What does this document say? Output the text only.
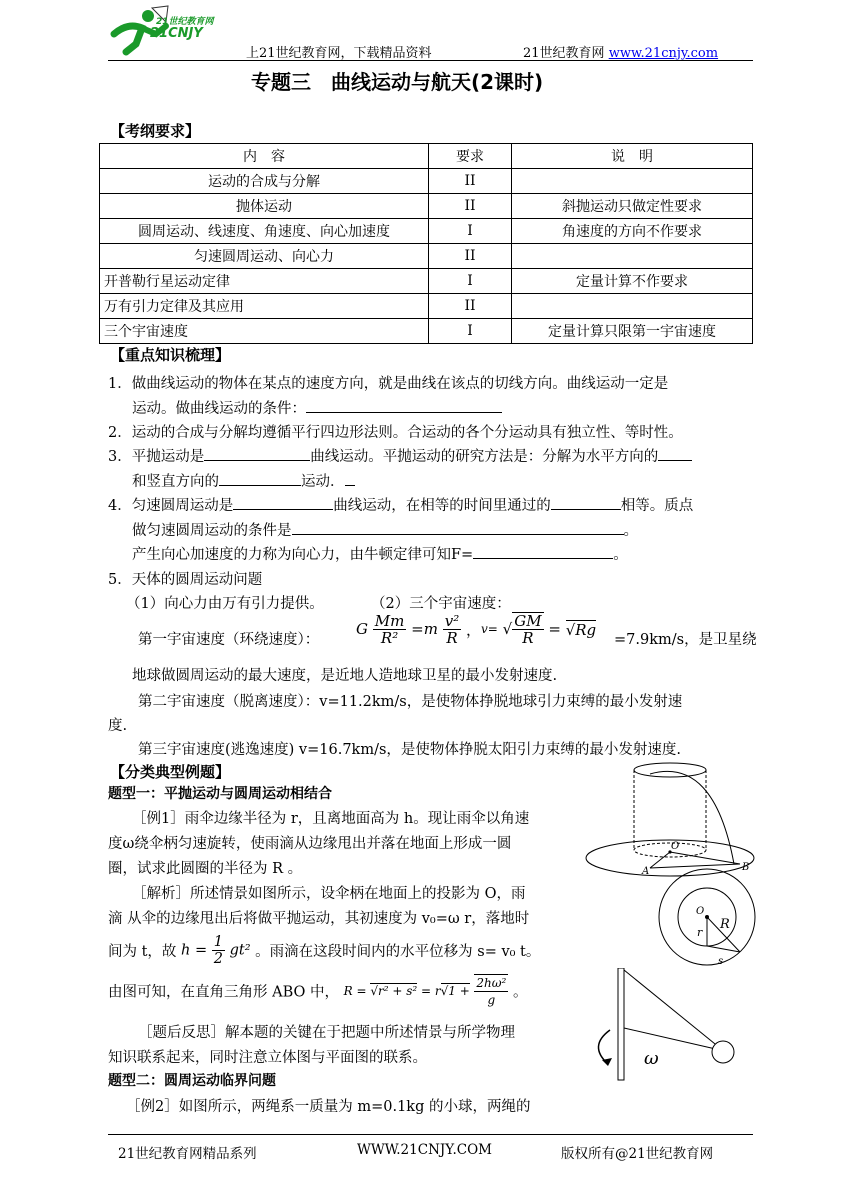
21世纪教育网
21CNJY
上21世纪教育网，下载精品资料	21世纪教育网 www.21cnjy.com
专题三　曲线运动与航天(2课时)
【考纲要求】
内　容	要求	说　明
运动的合成与分解	II	
抛体运动	II	斜抛运动只做定性要求
圆周运动、线速度、角速度、向心加速度	I	角速度的方向不作要求
匀速圆周运动、向心力	II	
开普勒行星运动定律	I	定量计算不作要求
万有引力定律及其应用	II	
三个宇宙速度	I	定量计算只限第一宇宙速度
【重点知识梳理】
1．做曲线运动的物体在某点的速度方向，就是曲线在该点的切线方向。曲线运动一定是
运动。做曲线运动的条件：
2．运动的合成与分解均遵循平行四边形法则。合运动的各个分运动具有独立性、等时性。
3．平抛运动是	曲线运动。平抛运动的研究方法是：分解为水平方向的
和竖直方向的	运动．
4．匀速圆周运动是	曲线运动，在相等的时间里通过的	相等。质点
做匀速圆周运动的条件是	。
产生向心加速度的力称为向心力，由牛顿定律可知F=	。
5．天体的圆周运动问题
（1）向心力由万有引力提供。	（2）三个宇宙速度：
第一宇宙速度（环绕速度）：
G $\frac{Mm}{\text{R²}} =m \frac{\text{v²}}{R}$ ，v= √ $\frac{GM}{R} = √Rg$
=7.9km/s，是卫星绕
地球做圆周运动的最大速度，是近地人造地球卫星的最小发射速度.
第二宇宙速度（脱离速度）：v=11.2km/s，是使物体挣脱地球引力束缚的最小发射速
度.
第三宇宙速度(逃逸速度) v=16.7km/s，是使物体挣脱太阳引力束缚的最小发射速度.
【分类典型例题】
题型一：平抛运动与圆周运动相结合
［例1］雨伞边缘半径为 r，且离地面高为 h。现让雨伞以角速
度ω绕伞柄匀速旋转，使雨滴从边缘甩出并落在地面上形成一圆
圈，试求此圆圈的半径为 R 。
［解析］所述情景如图所示，设伞柄在地面上的投影为 O，雨
滴 从伞的边缘甩出后将做平抛运动，其初速度为 v₀=ω r，落地时
间为 t，故 $h = \frac{1}{2} gt^2$ 。雨滴在这段时间内的水平位移为 s= v₀ t。
由图可知，在直角三角形 ABO 中， $R = √r^2 + s^2 = r√1 + \frac{\text{2hω²}}{g}$ 。
［题后反思］解本题的关键在于把题中所述情景与所学物理
知识联系起来，同时注意立体图与平面图的联系。
题型二：圆周运动临界问题
［例2］如图所示，两绳系一质量为 m=0.1kg 的小球，两绳的
O
A	B
O
r
R
s
ω
21世纪教育网精品系列	WWW.21CNJY.COM	版权所有@21世纪教育网
